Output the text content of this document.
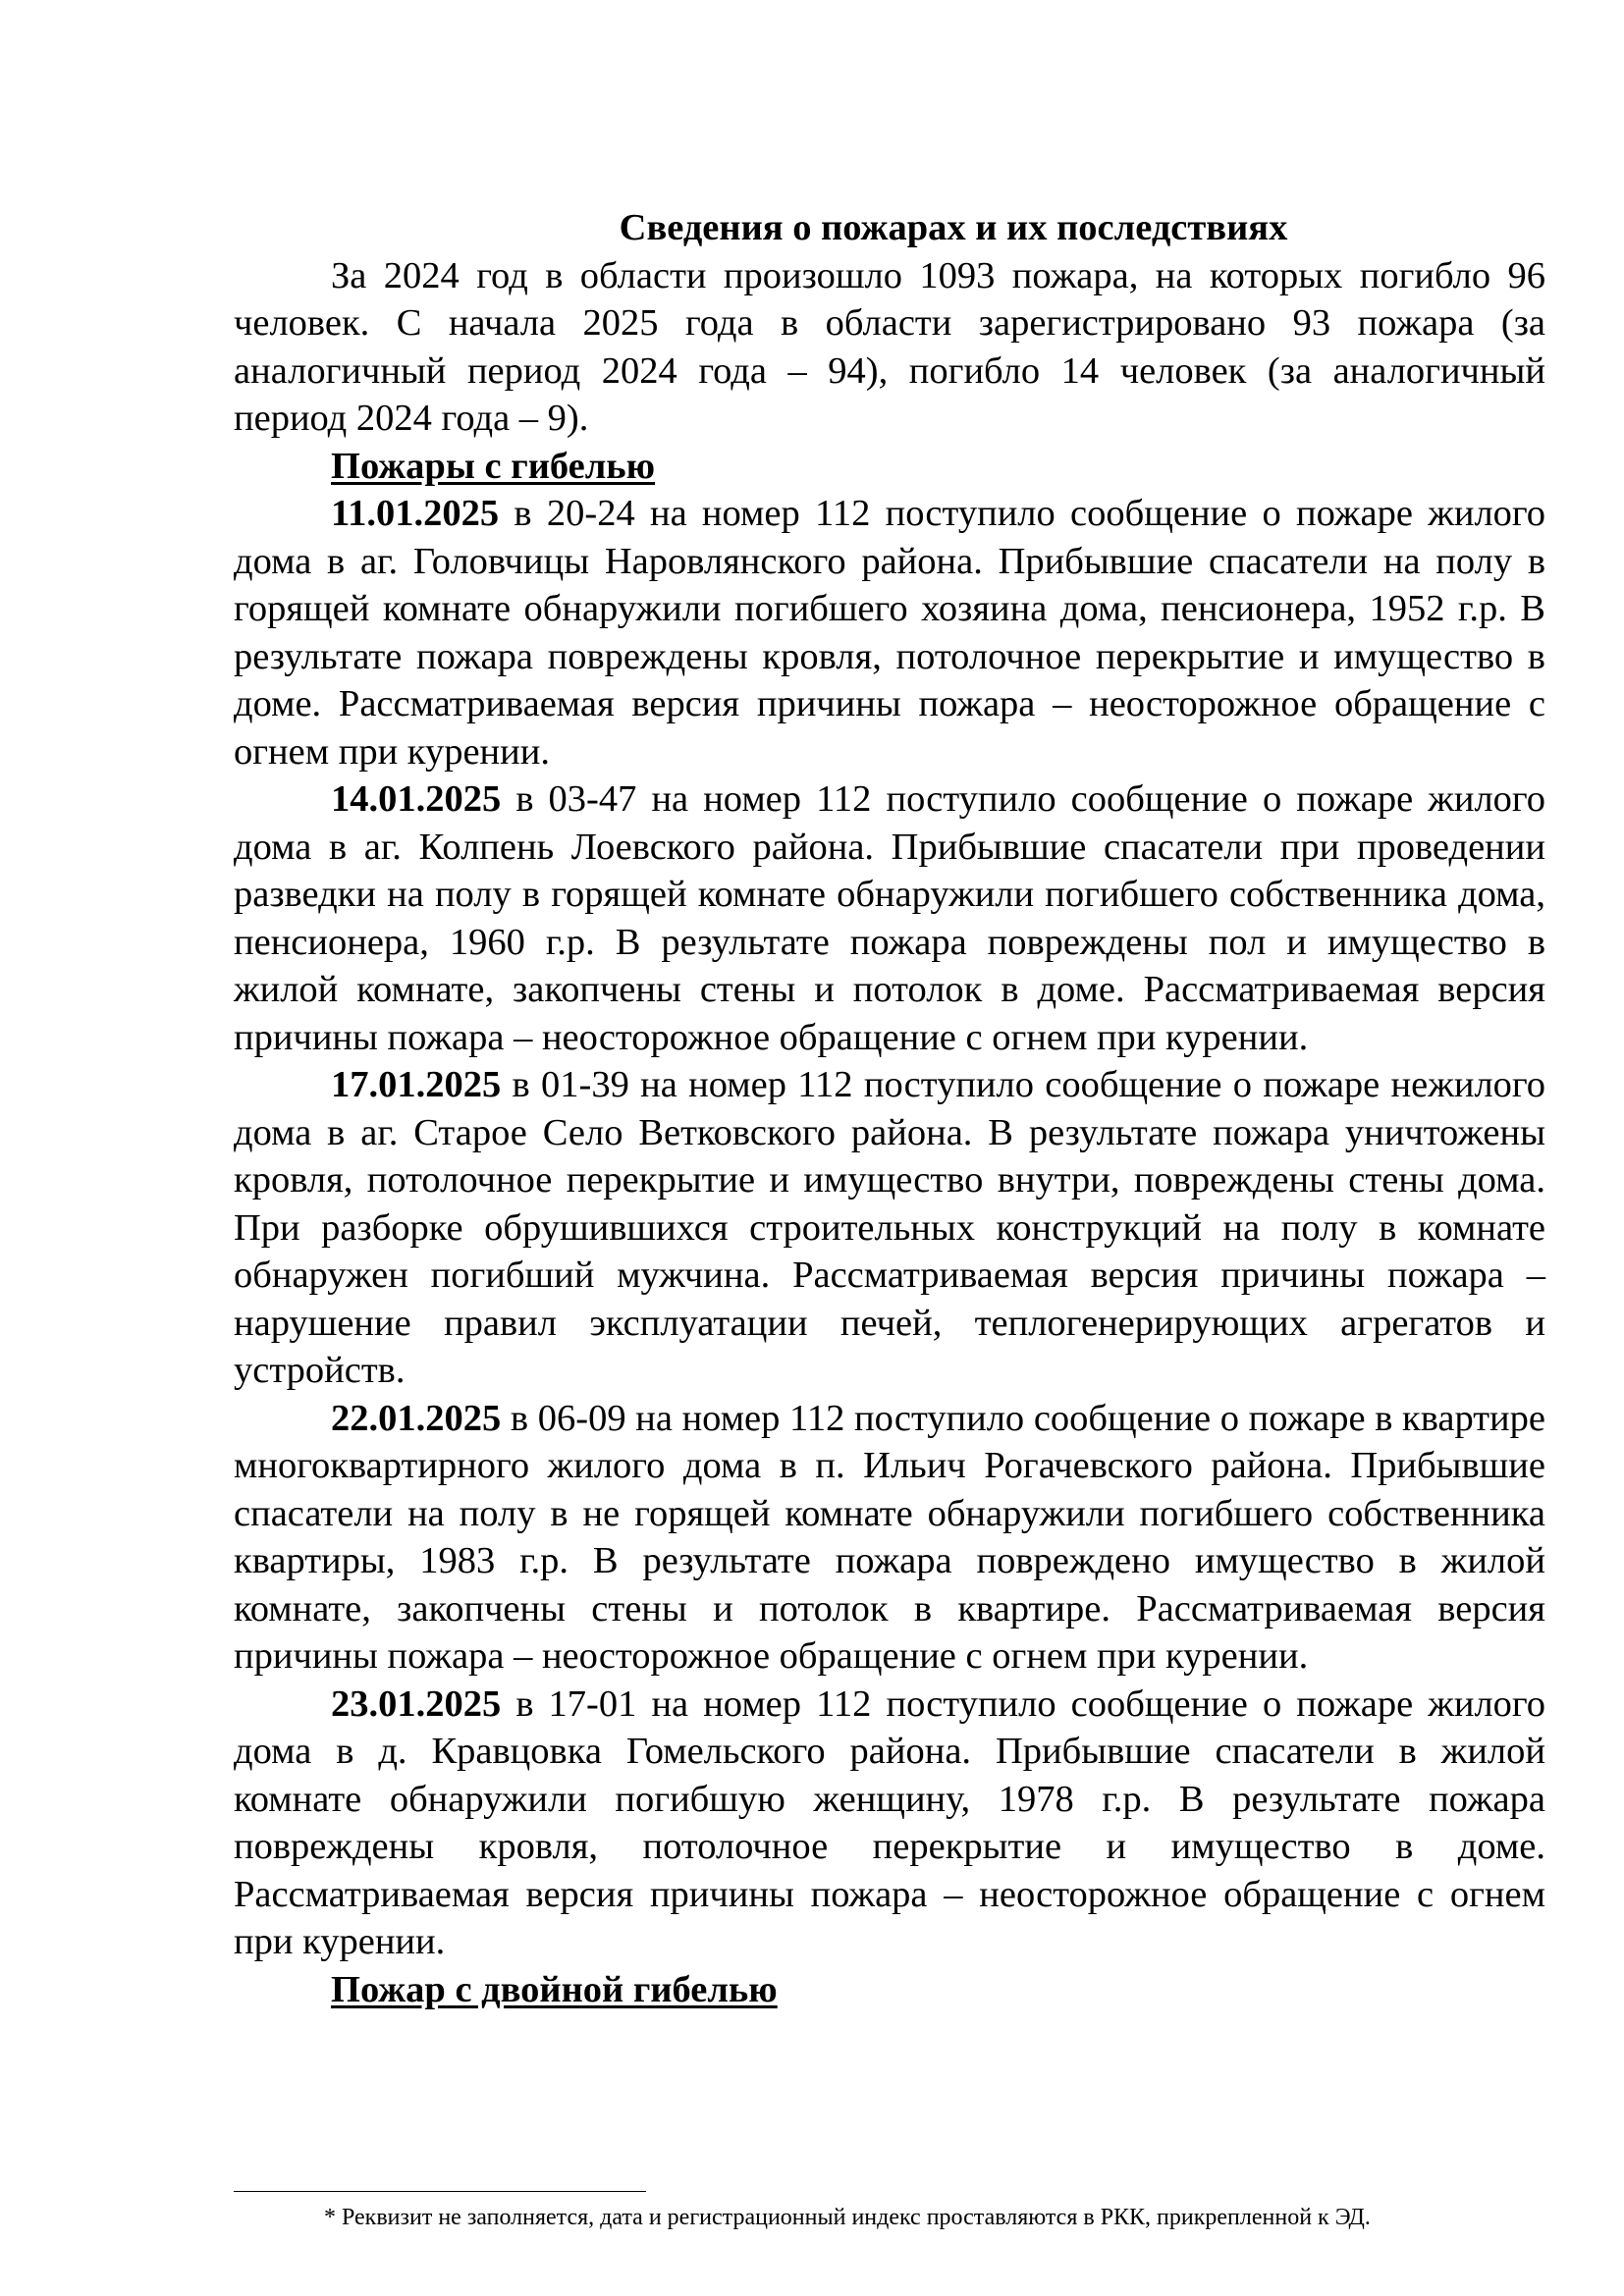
Сведения о пожарах и их последствиях

За 2024 год в области произошло 1093 пожара, на которых погибло 96 человек. С начала 2025 года в области зарегистрировано 93 пожара (за аналогичный период 2024 года – 94), погибло 14 человек (за аналогичный период 2024 года – 9).

Пожары с гибелью

11.01.2025 в 20-24 на номер 112 поступило сообщение о пожаре жилого дома в аг. Головчицы Наровлянского района. Прибывшие спасатели на полу в горящей комнате обнаружили погибшего хозяина дома, пенсионера, 1952 г.р. В результате пожара повреждены кровля, потолочное перекрытие и имущество в доме. Рассматриваемая версия причины пожара – неосторожное обращение с огнем при курении.

14.01.2025 в 03-47 на номер 112 поступило сообщение о пожаре жилого дома в аг. Колпень Лоевского района. Прибывшие спасатели при проведении разведки на полу в горящей комнате обнаружили погибшего собственника дома, пенсионера, 1960 г.р. В результате пожара повреждены пол и имущество в жилой комнате, закопчены стены и потолок в доме. Рассматриваемая версия причины пожара – неосторожное обращение с огнем при курении.

17.01.2025 в 01-39 на номер 112 поступило сообщение о пожаре нежилого дома в аг. Старое Село Ветковского района. В результате пожара уничтожены кровля, потолочное перекрытие и имущество внутри, повреждены стены дома. При разборке обрушившихся строительных конструкций на полу в комнате обнаружен погибший мужчина. Рассматриваемая версия причины пожара – нарушение правил эксплуатации печей, теплогенерирующих агрегатов и устройств.

22.01.2025 в 06-09 на номер 112 поступило сообщение о пожаре в квартире многоквартирного жилого дома в п. Ильич Рогачевского района. Прибывшие спасатели на полу в не горящей комнате обнаружили погибшего собственника квартиры, 1983 г.р. В результате пожара повреждено имущество в жилой комнате, закопчены стены и потолок в квартире. Рассматриваемая версия причины пожара – неосторожное обращение с огнем при курении.

23.01.2025 в 17-01 на номер 112 поступило сообщение о пожаре жилого дома в д. Кравцовка Гомельского района. Прибывшие спасатели в жилой комнате обнаружили погибшую женщину, 1978 г.р. В результате пожара повреждены кровля, потолочное перекрытие и имущество в доме. Рассматриваемая версия причины пожара – неосторожное обращение с огнем при курении.

Пожар с двойной гибелью

* Реквизит не заполняется, дата и регистрационный индекс проставляются в РКК, прикрепленной к ЭД.
